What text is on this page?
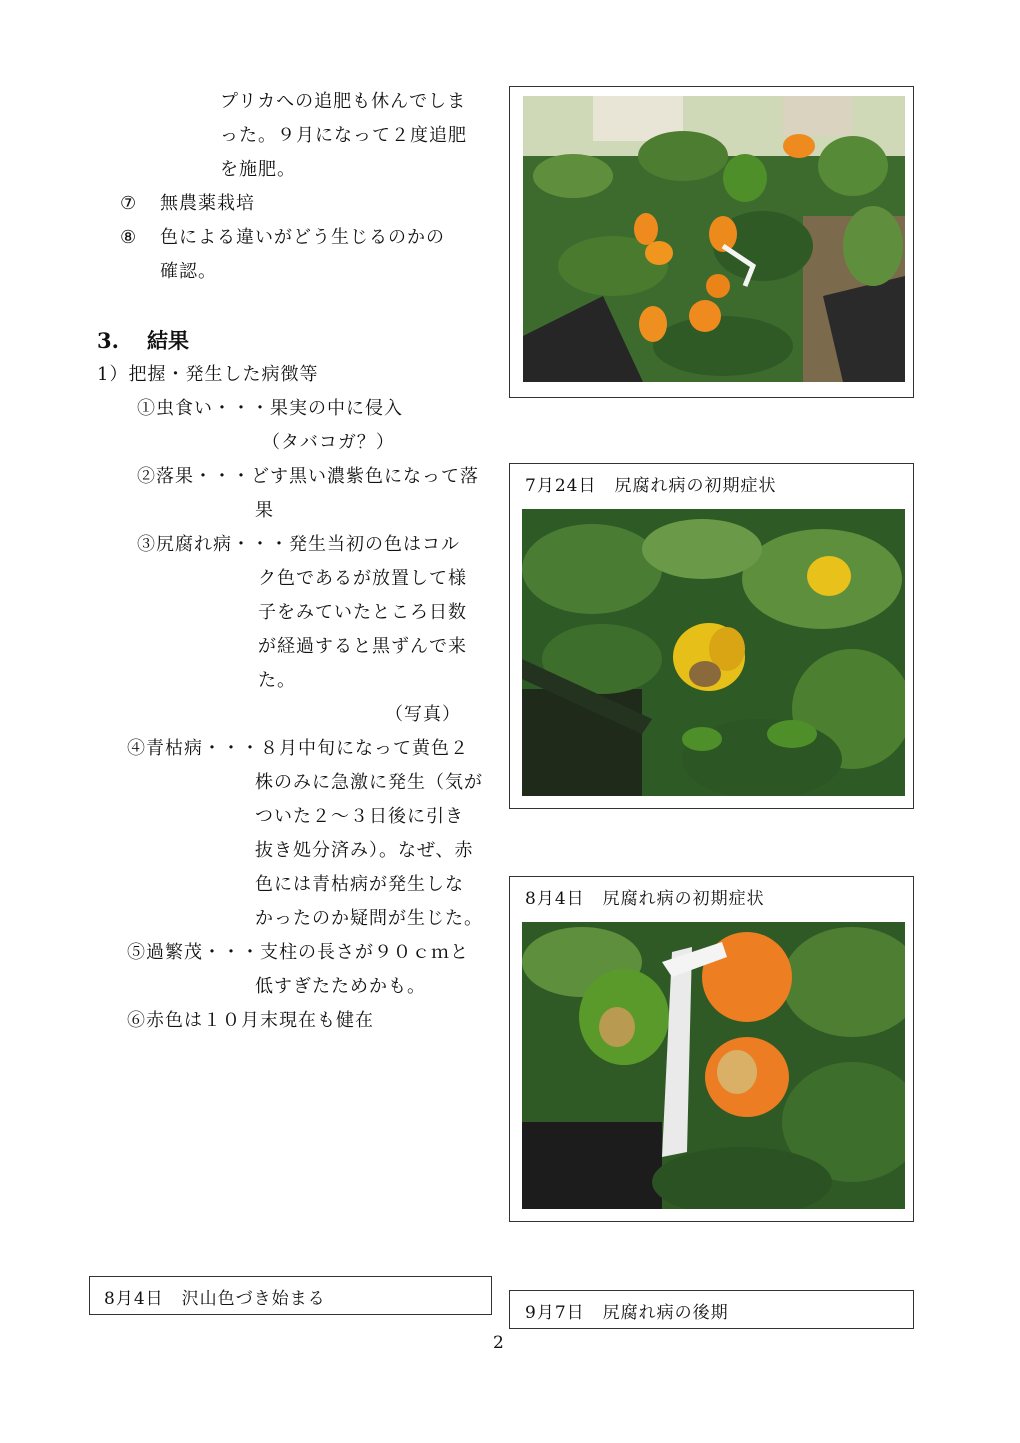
プリカへの追肥も休んでしま
った。９月になって２度追肥
を施肥。
⑦ 無農薬栽培
⑧ 色による違いがどう生じるのかの
確認。
3. 結果
1）把握・発生した病徴等
①虫食い・・・果実の中に侵入
（タバコガ？）
②落果・・・どす黒い濃紫色になって落
果
③尻腐れ病・・・発生当初の色はコル
ク色であるが放置して様
子をみていたところ日数
が経過すると黒ずんで来
た。
（写真）
④青枯病・・・８月中旬になって黄色２
株のみに急激に発生（気が
ついた２～３日後に引き
抜き処分済み）。なぜ、赤
色には青枯病が発生しな
かったのか疑問が生じた。
⑤過繁茂・・・支柱の長さが９０ｃｍと
低すぎたためかも。
⑥赤色は１０月末現在も健在
7月24日　尻腐れ病の初期症状
8月4日　尻腐れ病の初期症状
8月4日　沢山色づき始まる
9月7日　尻腐れ病の後期
2
